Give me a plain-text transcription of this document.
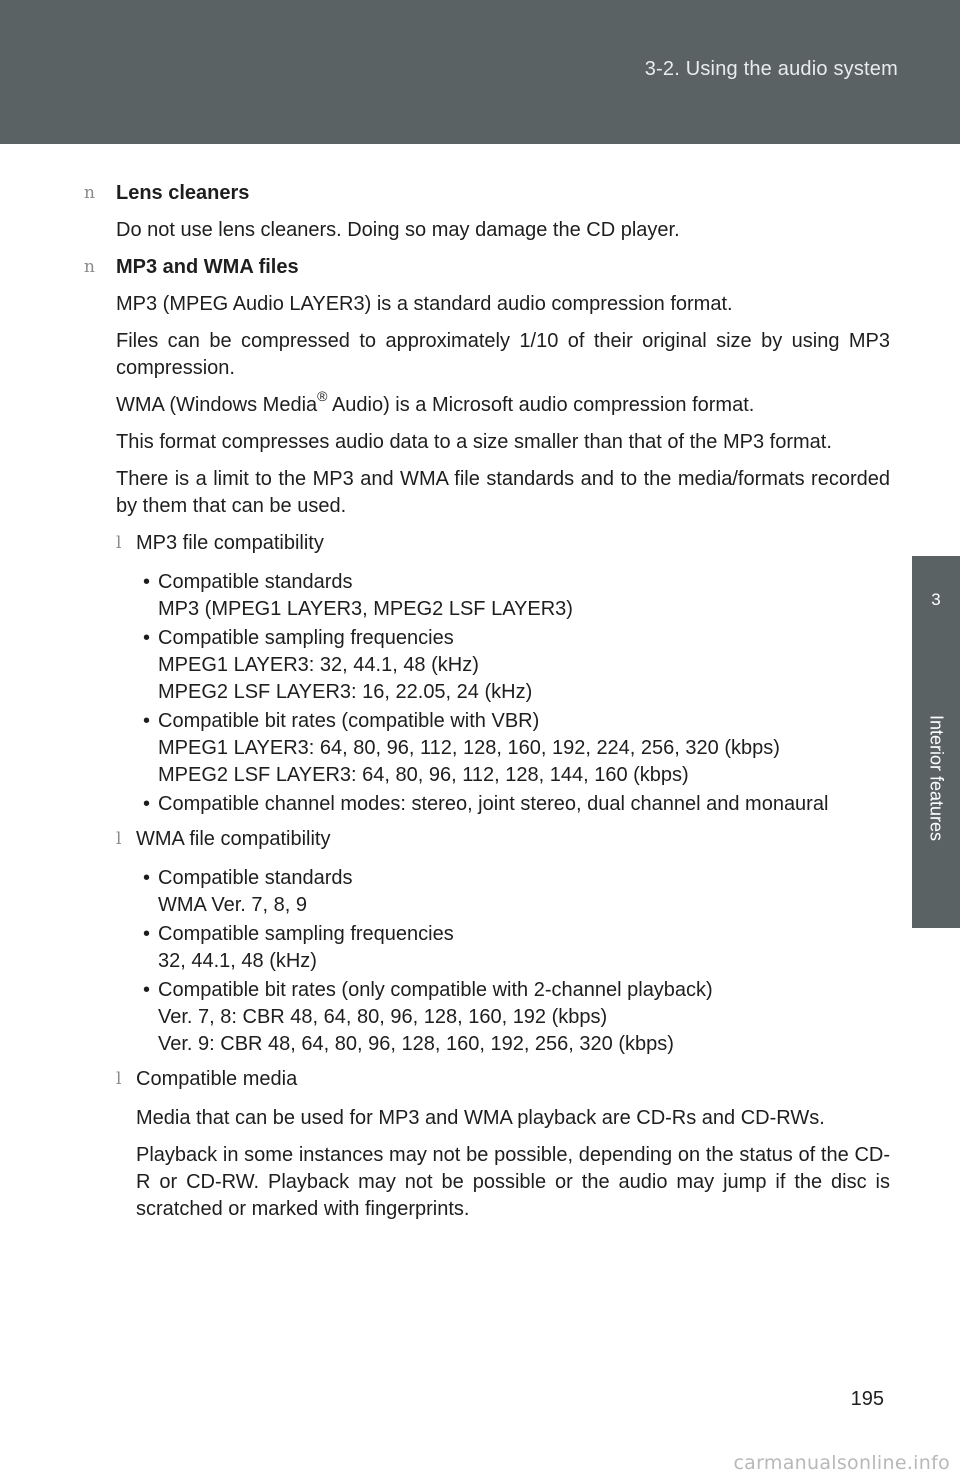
3-2. Using the audio system
3
Interior features
n Lens cleaners
Do not use lens cleaners. Doing so may damage the CD player.
n MP3 and WMA files
MP3 (MPEG Audio LAYER3) is a standard audio compression format.
Files can be compressed to approximately 1/10 of their original size by using MP3 compression.
WMA (Windows Media® Audio) is a Microsoft audio compression format.
This format compresses audio data to a size smaller than that of the MP3 format.
There is a limit to the MP3 and WMA file standards and to the media/formats recorded by them that can be used.
l MP3 file compatibility
• Compatible standards
MP3 (MPEG1 LAYER3, MPEG2 LSF LAYER3)
• Compatible sampling frequencies
MPEG1 LAYER3: 32, 44.1, 48 (kHz)
MPEG2 LSF LAYER3: 16, 22.05, 24 (kHz)
• Compatible bit rates (compatible with VBR)
MPEG1 LAYER3: 64, 80, 96, 112, 128, 160, 192, 224, 256, 320 (kbps)
MPEG2 LSF LAYER3: 64, 80, 96, 112, 128, 144, 160 (kbps)
• Compatible channel modes: stereo, joint stereo, dual channel and monaural
l WMA file compatibility
• Compatible standards
WMA Ver. 7, 8, 9
• Compatible sampling frequencies
32, 44.1, 48 (kHz)
• Compatible bit rates (only compatible with 2-channel playback)
Ver. 7, 8: CBR 48, 64, 80, 96, 128, 160, 192 (kbps)
Ver. 9: CBR 48, 64, 80, 96, 128, 160, 192, 256, 320 (kbps)
l Compatible media
Media that can be used for MP3 and WMA playback are CD-Rs and CD-RWs.
Playback in some instances may not be possible, depending on the status of the CD-R or CD-RW. Playback may not be possible or the audio may jump if the disc is scratched or marked with fingerprints.
195
carmanualsonline.info
